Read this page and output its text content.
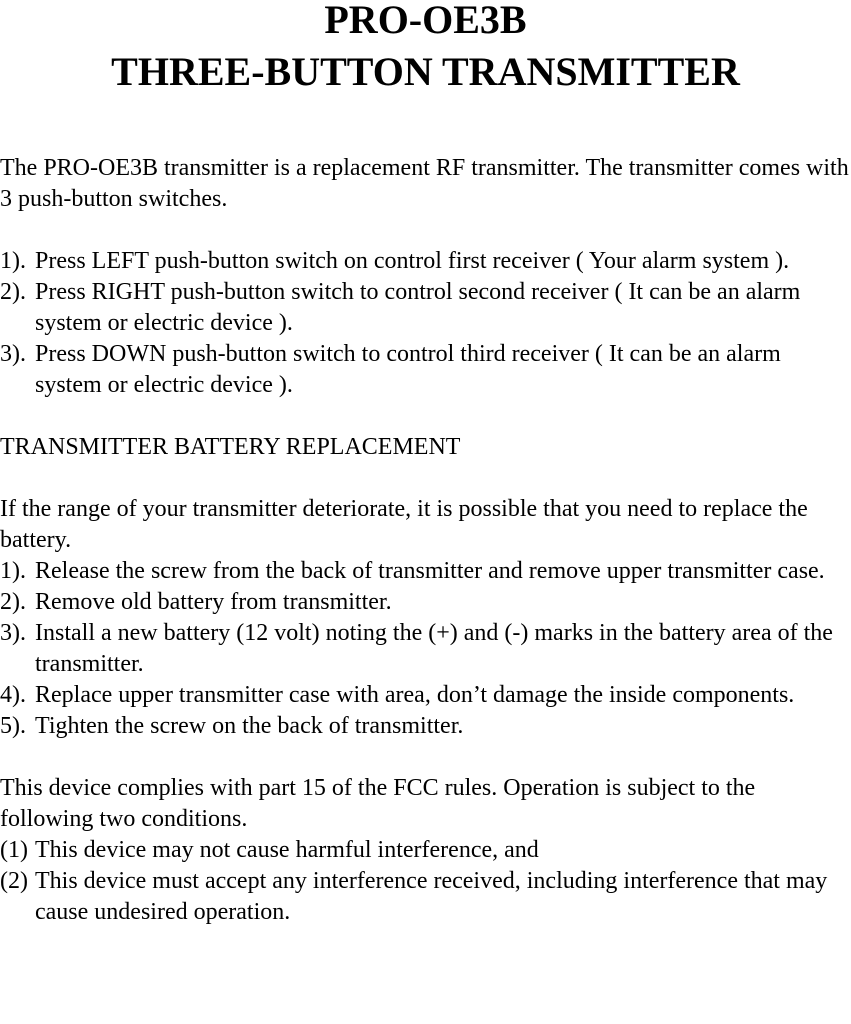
PRO-OE3B
THREE-BUTTON TRANSMITTER

The PRO-OE3B transmitter is a replacement RF transmitter. The transmitter comes with 3 push-button switches.

1). Press LEFT push-button switch on control first receiver ( Your alarm system ).
2). Press RIGHT push-button switch to control second receiver ( It can be an alarm system or electric device ).
3). Press DOWN push-button switch to control third receiver ( It can be an alarm system or electric device ).

TRANSMITTER BATTERY REPLACEMENT

If the range of your transmitter deteriorate, it is possible that you need to replace the battery.

1). Release the screw from the back of transmitter and remove upper transmitter case.
2). Remove old battery from transmitter.
3). Install a new battery (12 volt) noting the (+) and (-) marks in the battery area of the transmitter.
4). Replace upper transmitter case with area, don’t damage the inside components.
5). Tighten the screw on the back of transmitter.

This device complies with part 15 of the FCC rules. Operation is subject to the following two conditions.

(1) This device may not cause harmful interference, and
(2) This device must accept any interference received, including interference that may cause undesired operation.
